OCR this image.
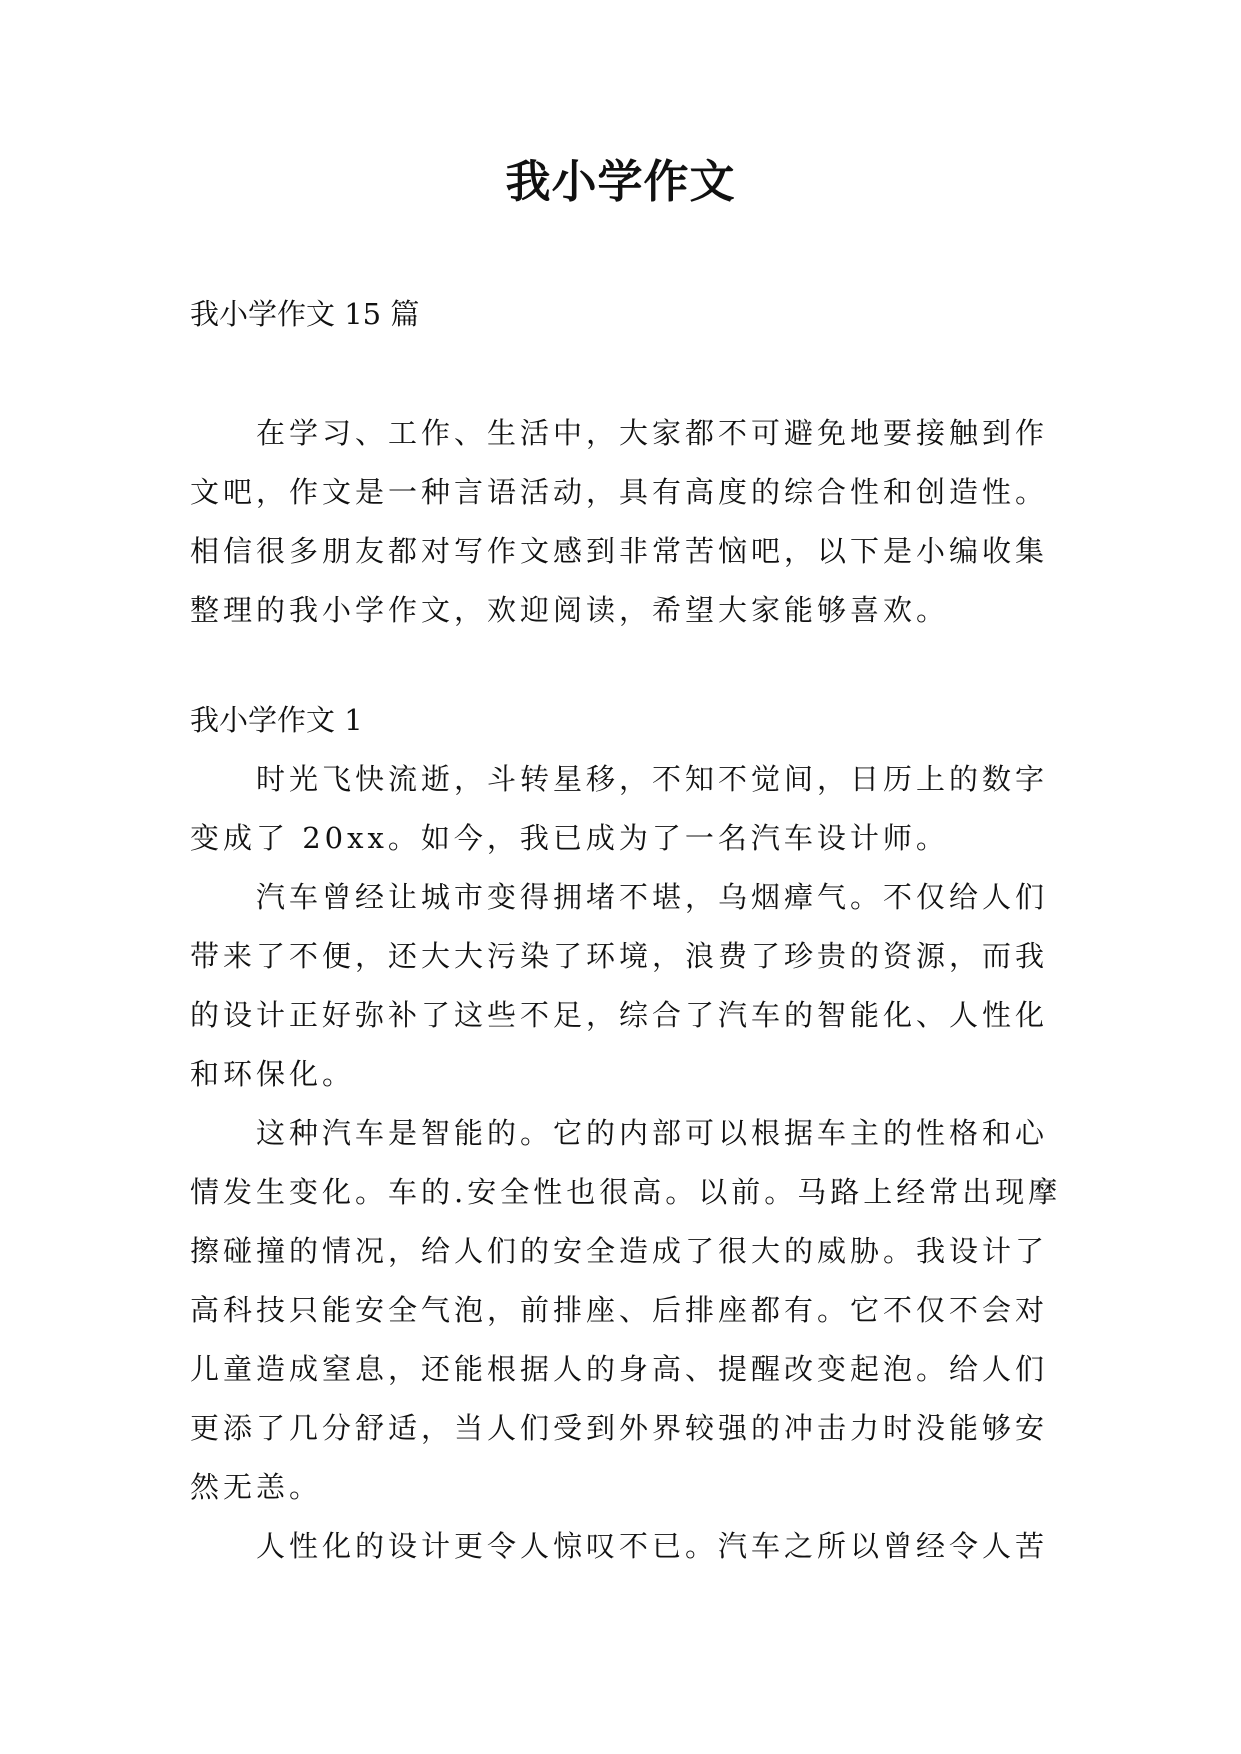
我小学作文
我小学作文 15 篇

在学习、工作、生活中，大家都不可避免地要接触到作文吧，作文是一种言语活动，具有高度的综合性和创造性。相信很多朋友都对写作文感到非常苦恼吧，以下是小编收集整理的我小学作文，欢迎阅读，希望大家能够喜欢。

我小学作文 1

时光飞快流逝，斗转星移，不知不觉间，日历上的数字变成了 20xx。如今，我已成为了一名汽车设计师。

汽车曾经让城市变得拥堵不堪，乌烟瘴气。不仅给人们带来了不便，还大大污染了环境，浪费了珍贵的资源，而我的设计正好弥补了这些不足，综合了汽车的智能化、人性化和环保化。

这种汽车是智能的。它的内部可以根据车主的性格和心情发生变化。车的.安全性也很高。以前。马路上经常出现摩擦碰撞的情况，给人们的安全造成了很大的威胁。我设计了高科技只能安全气泡，前排座、后排座都有。它不仅不会对儿童造成窒息，还能根据人的身高、提醒改变起泡。给人们更添了几分舒适，当人们受到外界较强的冲击力时没能够安然无恙。

人性化的设计更令人惊叹不已。汽车之所以曾经令人苦
